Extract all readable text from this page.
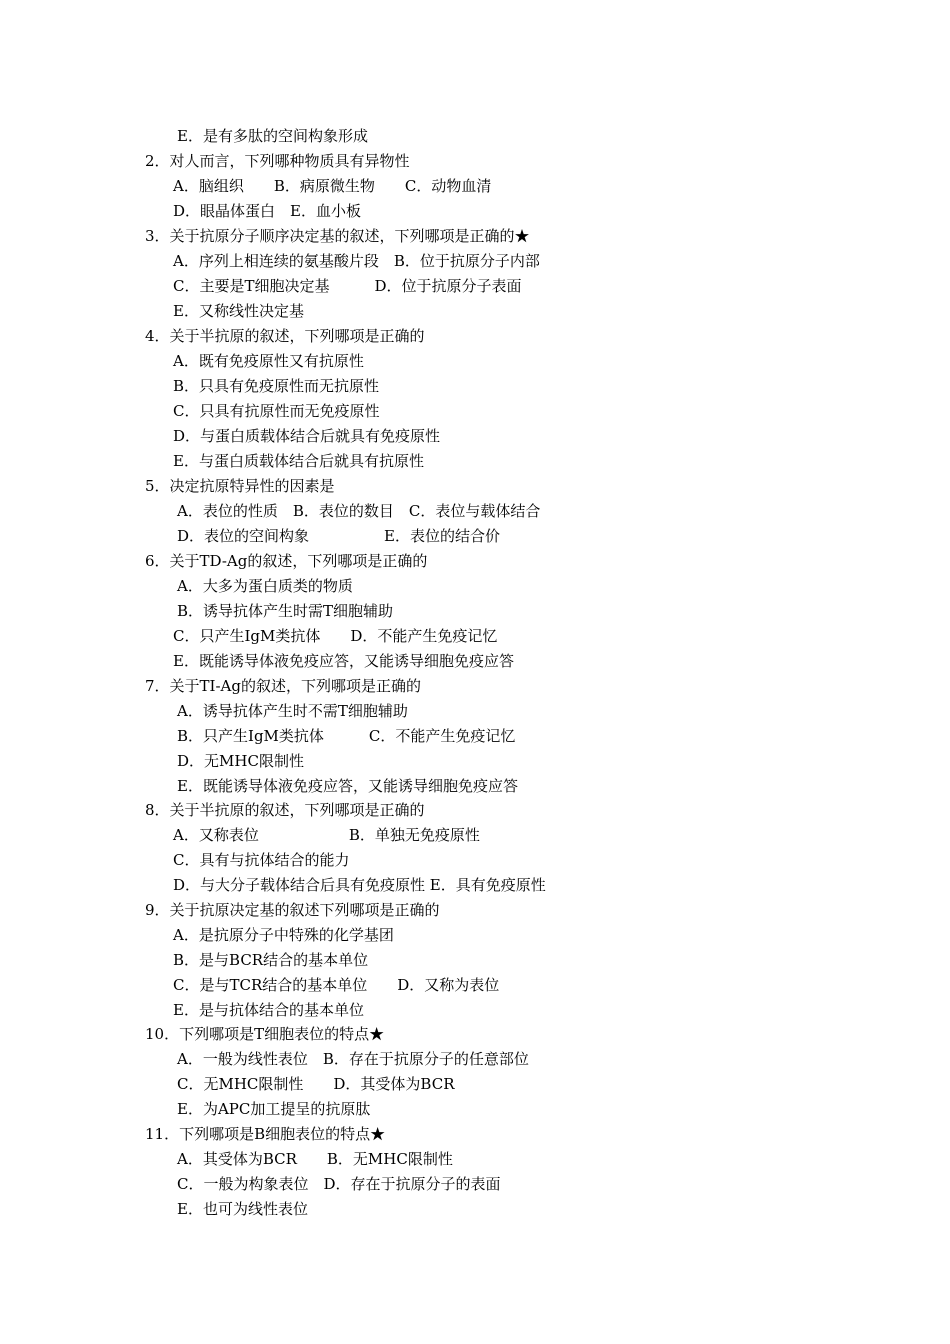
E．是有多肽的空间构象形成
2．对人而言，下列哪种物质具有异物性
A．脑组织　　B．病原微生物　　C．动物血清
D．眼晶体蛋白　E．血小板
3．关于抗原分子顺序决定基的叙述，下列哪项是正确的★
A．序列上相连续的氨基酸片段　B．位于抗原分子内部
C．主要是T细胞决定基　　　D．位于抗原分子表面
E．又称线性决定基
4．关于半抗原的叙述，下列哪项是正确的
A．既有免疫原性又有抗原性
B．只具有免疫原性而无抗原性
C．只具有抗原性而无免疫原性
D．与蛋白质载体结合后就具有免疫原性
E．与蛋白质载体结合后就具有抗原性
5．决定抗原特异性的因素是
A．表位的性质　B．表位的数目　C．表位与载体结合
D．表位的空间构象　　　　　E．表位的结合价
6．关于TD-Ag的叙述，下列哪项是正确的
A．大多为蛋白质类的物质
B．诱导抗体产生时需T细胞辅助
C．只产生IgM类抗体　　D．不能产生免疫记忆
E．既能诱导体液免疫应答，又能诱导细胞免疫应答
7．关于TI-Ag的叙述，下列哪项是正确的
A．诱导抗体产生时不需T细胞辅助
B．只产生IgM类抗体　　　C．不能产生免疫记忆
D．无MHC限制性
E．既能诱导体液免疫应答，又能诱导细胞免疫应答
8．关于半抗原的叙述，下列哪项是正确的
A．又称表位　　　　　　B．单独无免疫原性
C．具有与抗体结合的能力
D．与大分子载体结合后具有免疫原性 E．具有免疫原性
9．关于抗原决定基的叙述下列哪项是正确的
A．是抗原分子中特殊的化学基团
B．是与BCR结合的基本单位
C．是与TCR结合的基本单位　　D．又称为表位
E．是与抗体结合的基本单位
10．下列哪项是T细胞表位的特点★
A．一般为线性表位　B．存在于抗原分子的任意部位
C．无MHC限制性　　D．其受体为BCR
E．为APC加工提呈的抗原肽
11．下列哪项是B细胞表位的特点★
A．其受体为BCR　　B．无MHC限制性
C．一般为构象表位　D．存在于抗原分子的表面
E．也可为线性表位
